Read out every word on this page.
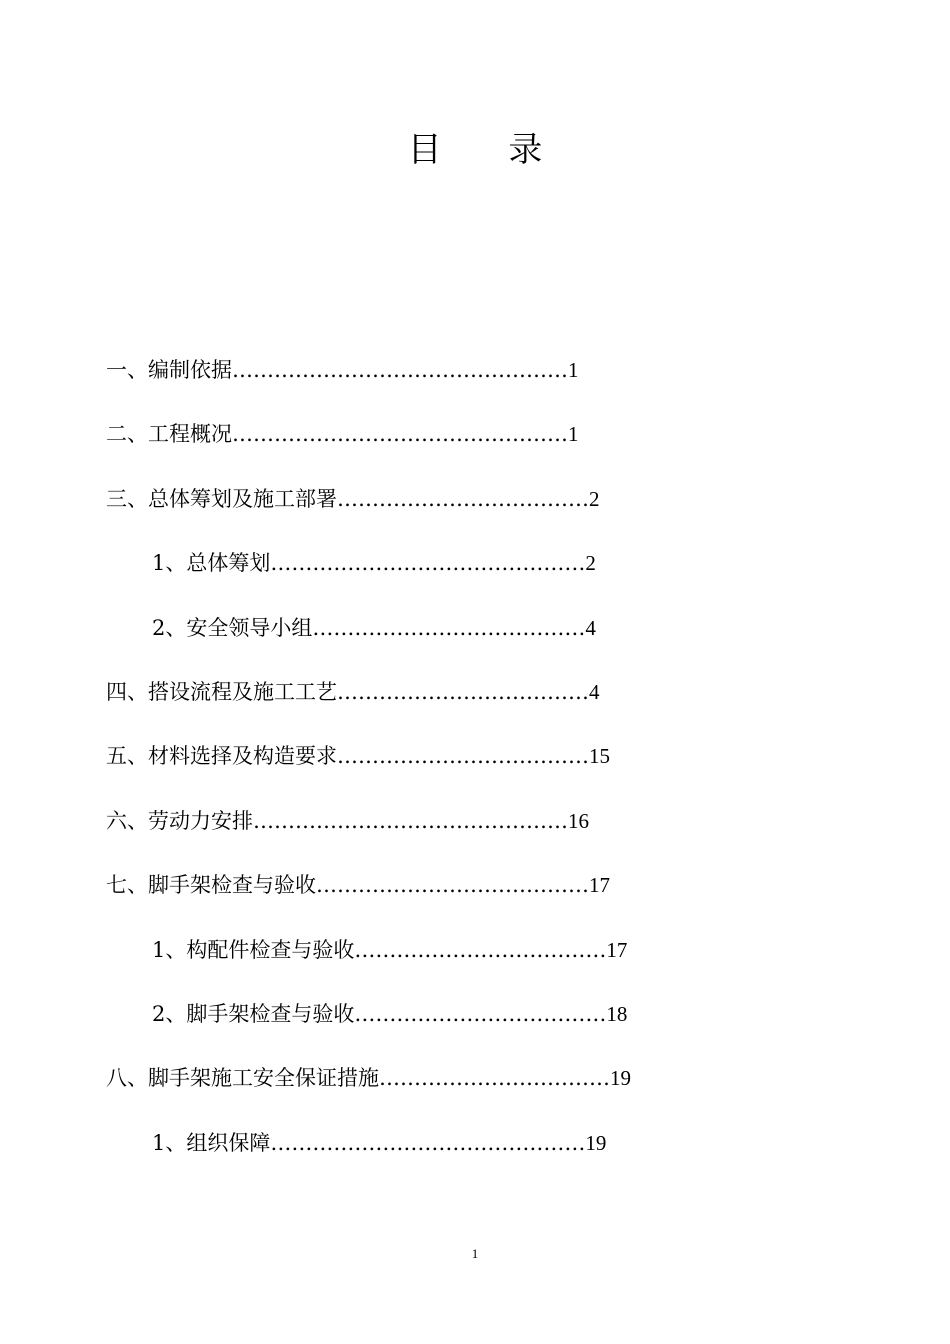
目 录
一、编制依据…………………………………………1
二、工程概况…………………………………………1
三、总体筹划及施工部署………………………………2
1、总体筹划………………………………………2
2、安全领导小组…………………………………4
四、搭设流程及施工工艺………………………………4
五、材料选择及构造要求………………………………15
六、劳动力安排………………………………………16
七、脚手架检查与验收…………………………………17
1、构配件检查与验收………………………………17
2、脚手架检查与验收………………………………18
八、脚手架施工安全保证措施……………………………19
1、组织保障………………………………………19
1
